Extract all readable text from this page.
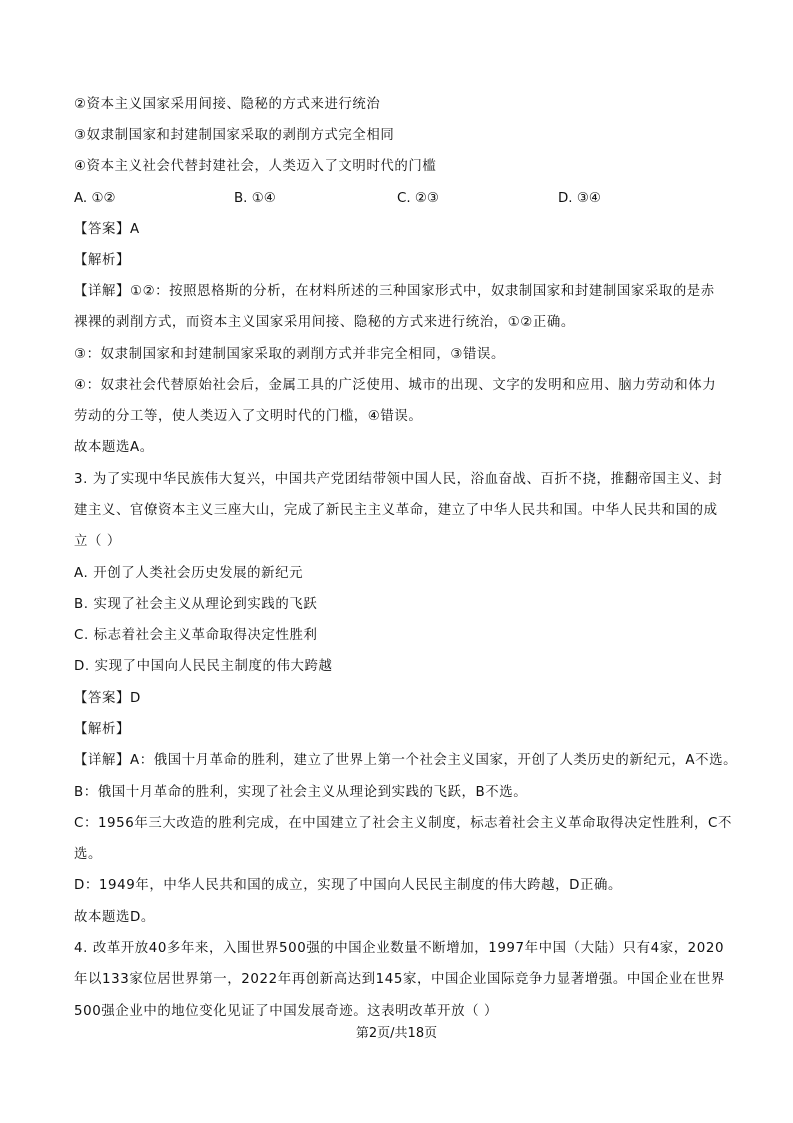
②资本主义国家采用间接、隐秘的方式来进行统治
③奴隶制国家和封建制国家采取的剥削方式完全相同
④资本主义社会代替封建社会，人类迈入了文明时代的门槛
A. ①②	B. ①④	C. ②③	D. ③④
【答案】A
【解析】
【详解】①②：按照恩格斯的分析，在材料所述的三种国家形式中，奴隶制国家和封建制国家采取的是赤
裸裸的剥削方式，而资本主义国家采用间接、隐秘的方式来进行统治，①②正确。
③：奴隶制国家和封建制国家采取的剥削方式并非完全相同，③错误。
④：奴隶社会代替原始社会后，金属工具的广泛使用、城市的出现、文字的发明和应用、脑力劳动和体力
劳动的分工等，使人类迈入了文明时代的门槛，④错误。
故本题选A。
3. 为了实现中华民族伟大复兴，中国共产党团结带领中国人民，浴血奋战、百折不挠，推翻帝国主义、封
建主义、官僚资本主义三座大山，完成了新民主主义革命，建立了中华人民共和国。中华人民共和国的成
立（ ）
A. 开创了人类社会历史发展的新纪元
B. 实现了社会主义从理论到实践的飞跃
C. 标志着社会主义革命取得决定性胜利
D. 实现了中国向人民民主制度的伟大跨越
【答案】D
【解析】
【详解】A：俄国十月革命的胜利，建立了世界上第一个社会主义国家，开创了人类历史的新纪元，A不选。
B：俄国十月革命的胜利，实现了社会主义从理论到实践的飞跃，B不选。
C：1956年三大改造的胜利完成，在中国建立了社会主义制度，标志着社会主义革命取得决定性胜利，C不
选。
D：1949年，中华人民共和国的成立，实现了中国向人民民主制度的伟大跨越，D正确。
故本题选D。
4. 改革开放40多年来，入围世界500强的中国企业数量不断增加，1997年中国（大陆）只有4家，2020
年以133家位居世界第一，2022年再创新高达到145家，中国企业国际竞争力显著增强。中国企业在世界
500强企业中的地位变化见证了中国发展奇迹。这表明改革开放（ ）
第2页/共18页
